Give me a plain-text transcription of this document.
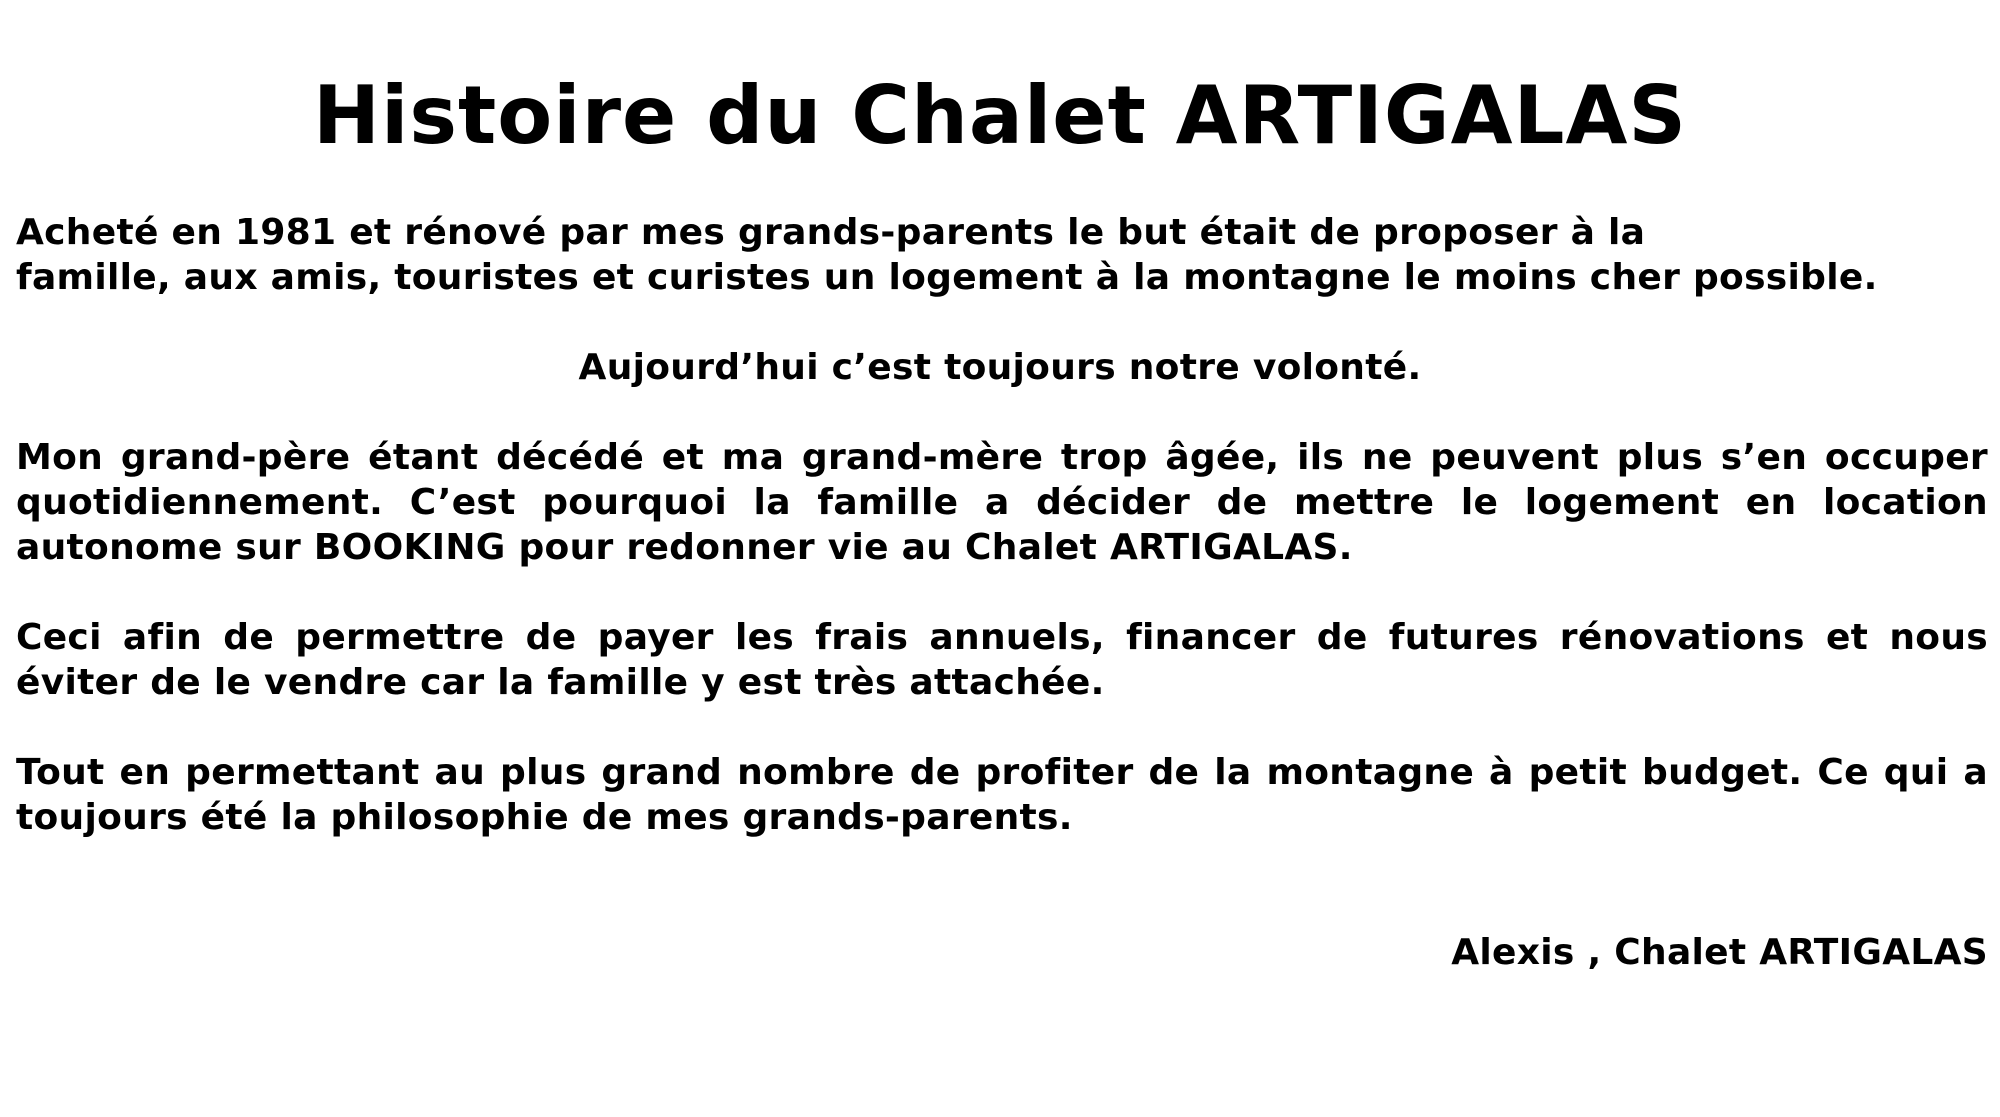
Histoire du Chalet ARTIGALAS
Acheté en 1981 et rénové par mes grands-parents le but était de proposer à la
famille, aux amis, touristes et curistes un logement à la montagne le moins cher possible.

Aujourd’hui c’est toujours notre volonté.

Mon grand-père étant décédé et ma grand-mère trop âgée, ils ne peuvent plus s’en occuper quotidiennement. C’est pourquoi la famille a décider de mettre le logement en location autonome sur BOOKING pour redonner vie au Chalet ARTIGALAS.

Ceci afin de permettre de payer les frais annuels, financer de futures rénovations et nous éviter de le vendre car la famille y est très attachée.

Tout en permettant au plus grand nombre de profiter de la montagne à petit budget. Ce qui a toujours été la philosophie de mes grands-parents.

Alexis , Chalet ARTIGALAS
